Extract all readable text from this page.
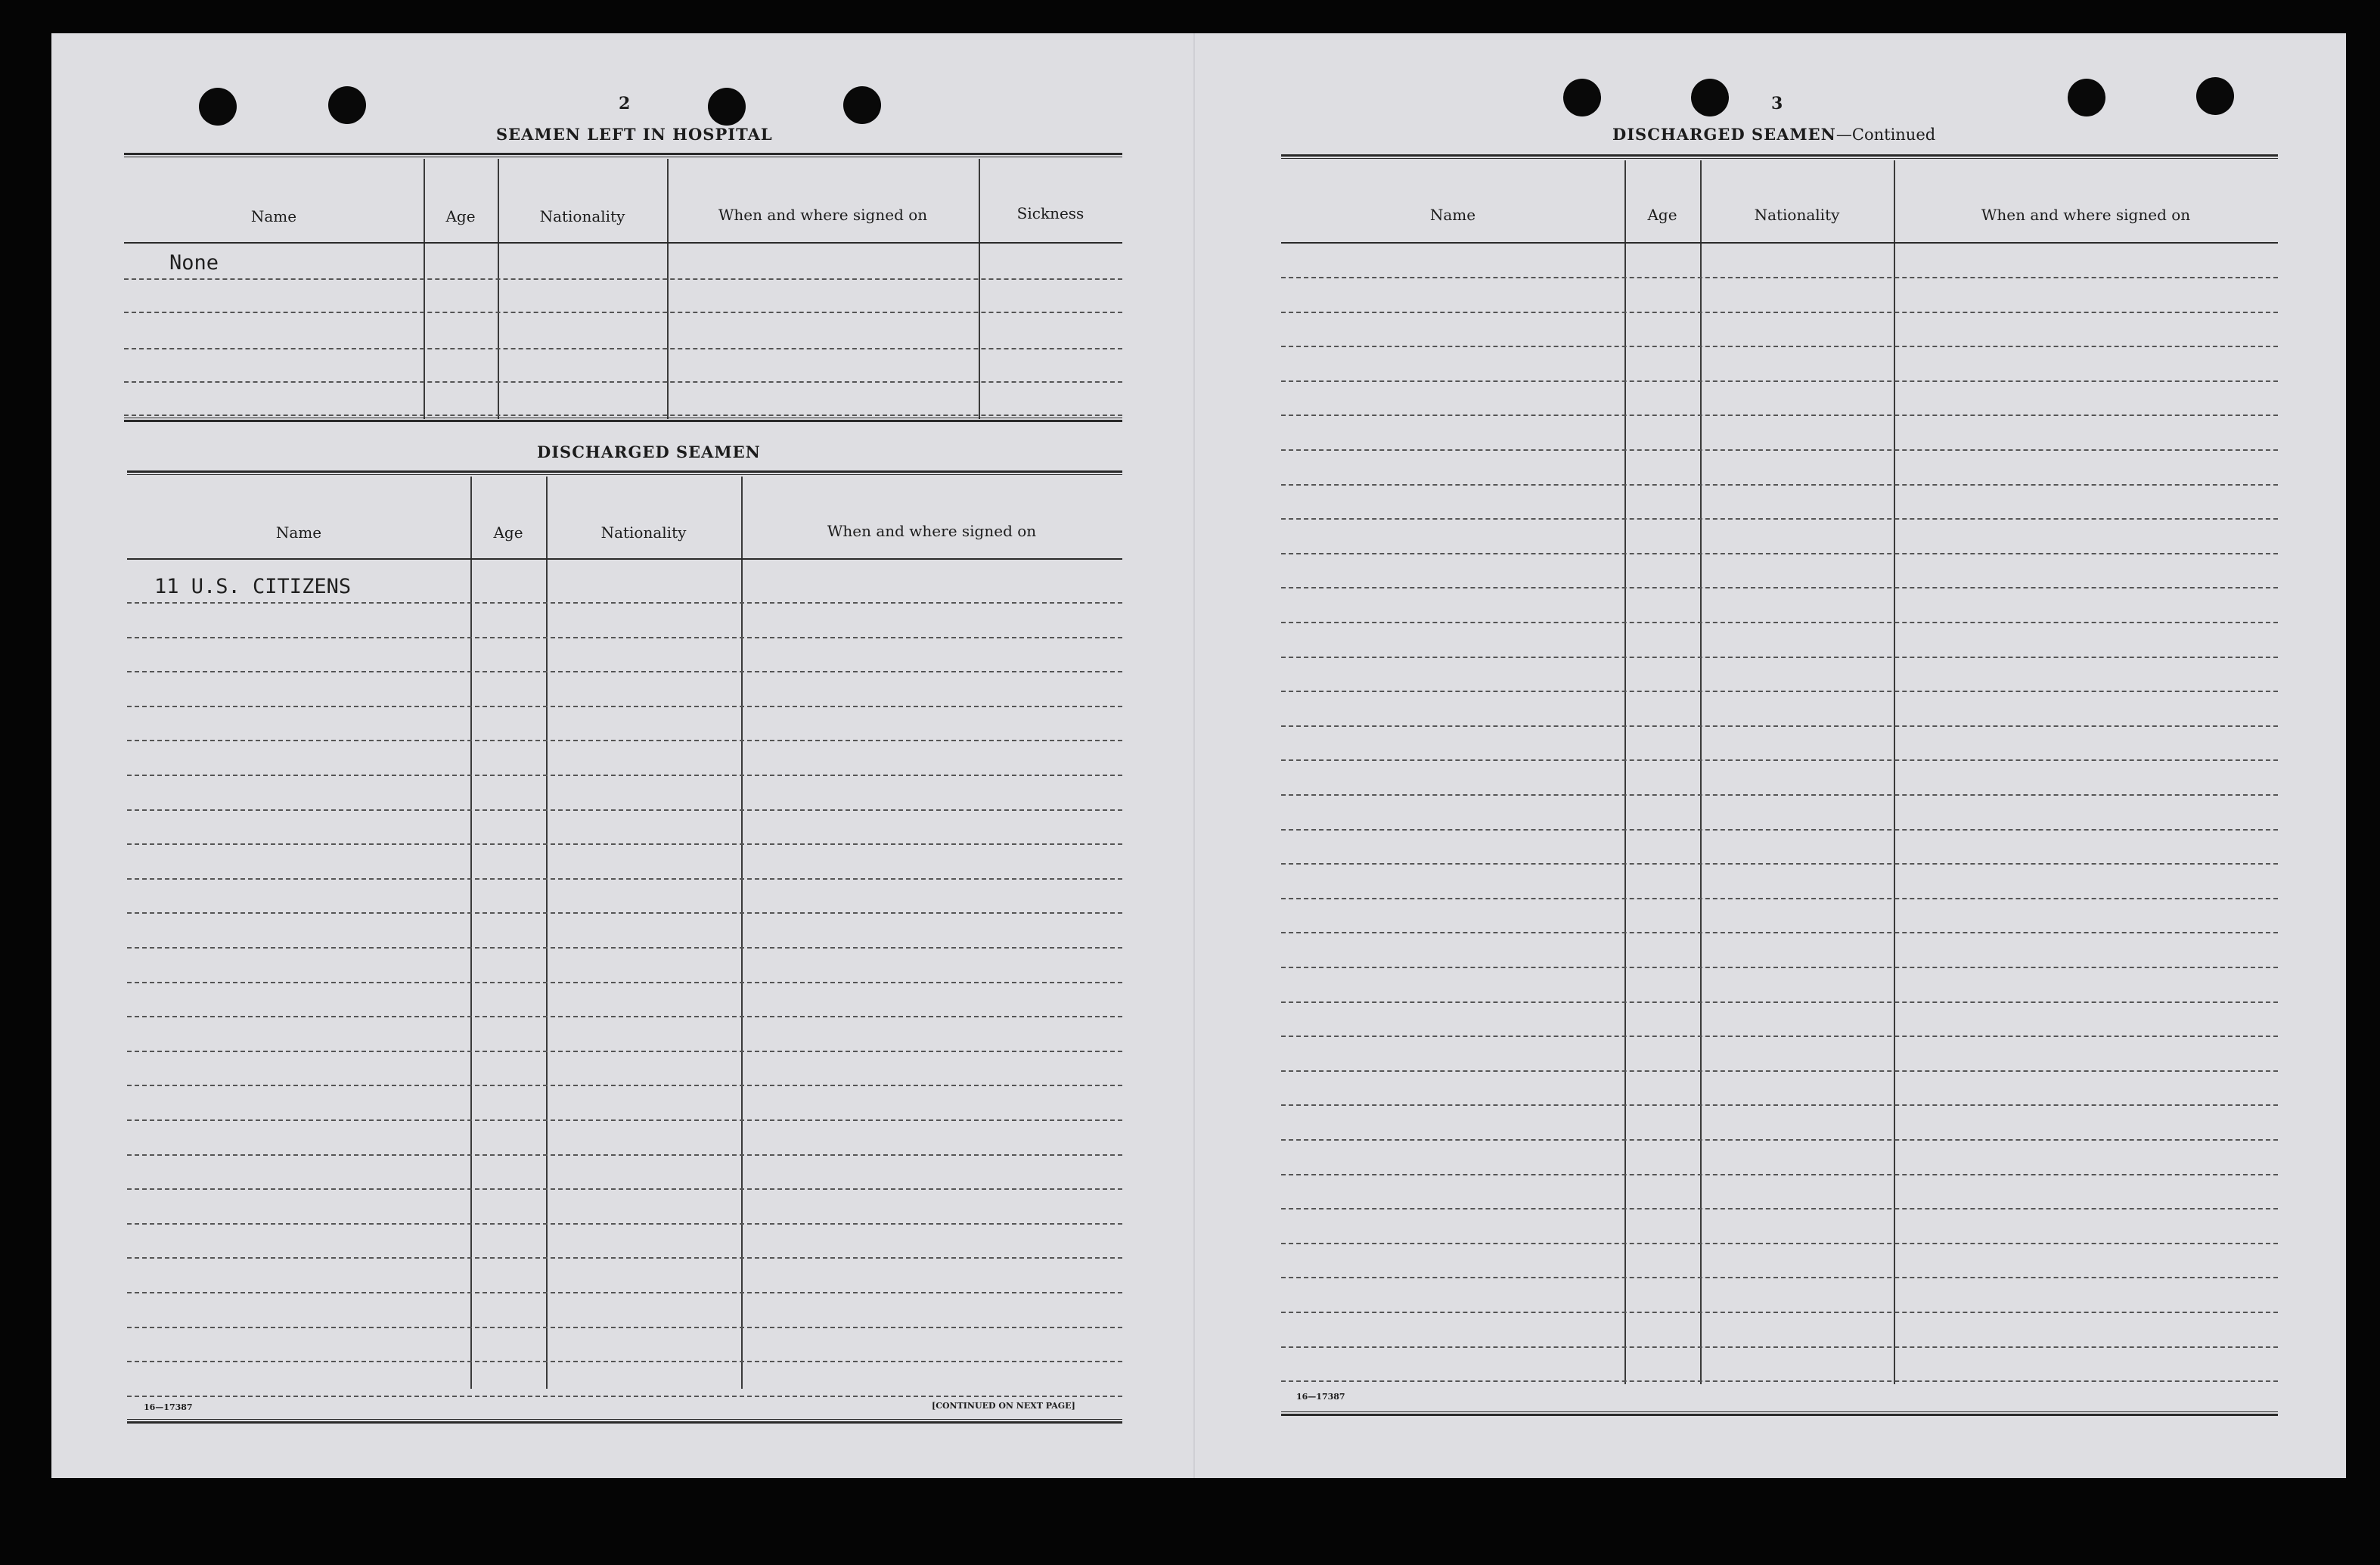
2
SEAMEN LEFT IN HOSPITAL
Name	Age	Nationality	When and where signed on	Sickness
None
DISCHARGED SEAMEN
Name	Age	Nationality	When and where signed on
11 U.S. CITIZENS
16—17387	[CONTINUED ON NEXT PAGE]
3
DISCHARGED SEAMEN—Continued
Name	Age	Nationality	When and where signed on
16—17387
